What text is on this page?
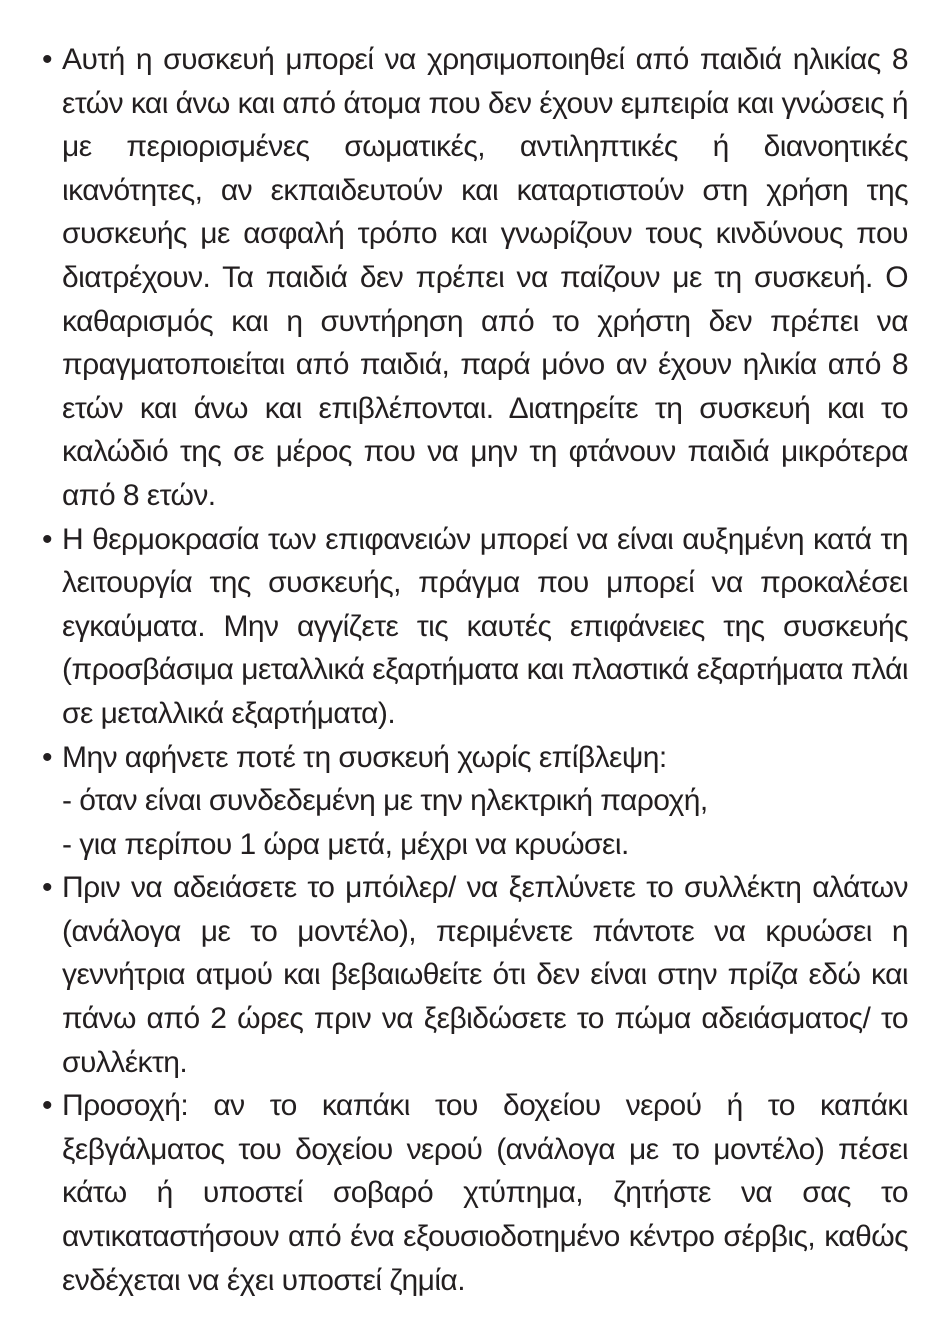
• Αυτή η συσκευή μπορεί να χρησιμοποιηθεί από παιδιά ηλικίας 8 ετών και άνω και από άτομα που δεν έχουν εμπειρία και γνώσεις ή με περιορισμένες σωματικές, αντιληπτικές ή διανοητικές ικανότητες, αν εκπαιδευτούν και καταρτιστούν στη χρήση της συσκευής με ασφαλή τρόπο και γνωρίζουν τους κινδύνους που διατρέχουν. Τα παιδιά δεν πρέπει να παίζουν με τη συσκευή. Ο καθαρισμός και η συντήρηση από το χρήστη δεν πρέπει να πραγματοποιείται από παιδιά, παρά μόνο αν έχουν ηλικία από 8 ετών και άνω και επιβλέπονται. Διατηρείτε τη συσκευή και το καλώδιό της σε μέρος που να μην τη φτάνουν παιδιά μικρότερα από 8 ετών.
• Η θερμοκρασία των επιφανειών μπορεί να είναι αυξημένη κατά τη λειτουργία της συσκευής, πράγμα που μπορεί να προκαλέσει εγκαύματα. Μην αγγίζετε τις καυτές επιφάνειες της συσκευής (προσβάσιμα μεταλλικά εξαρτήματα και πλαστικά εξαρτήματα πλάι σε μεταλλικά εξαρτήματα).
• Μην αφήνετε ποτέ τη συσκευή χωρίς επίβλεψη:
- όταν είναι συνδεδεμένη με την ηλεκτρική παροχή,
- για περίπου 1 ώρα μετά, μέχρι να κρυώσει.
• Πριν να αδειάσετε το μπόιλερ/ να ξεπλύνετε το συλλέκτη αλάτων (ανάλογα με το μοντέλο), περιμένετε πάντοτε να κρυώσει η γεννήτρια ατμού και βεβαιωθείτε ότι δεν είναι στην πρίζα εδώ και πάνω από 2 ώρες πριν να ξεβιδώσετε το πώμα αδειάσματος/ το συλλέκτη.
• Προσοχή: αν το καπάκι του δοχείου νερού ή το καπάκι ξεβγάλματος του δοχείου νερού (ανάλογα με το μοντέλο) πέσει κάτω ή υποστεί σοβαρό χτύπημα, ζητήστε να σας το αντικαταστήσουν από ένα εξουσιοδοτημένο κέντρο σέρβις, καθώς ενδέχεται να έχει υποστεί ζημία.
